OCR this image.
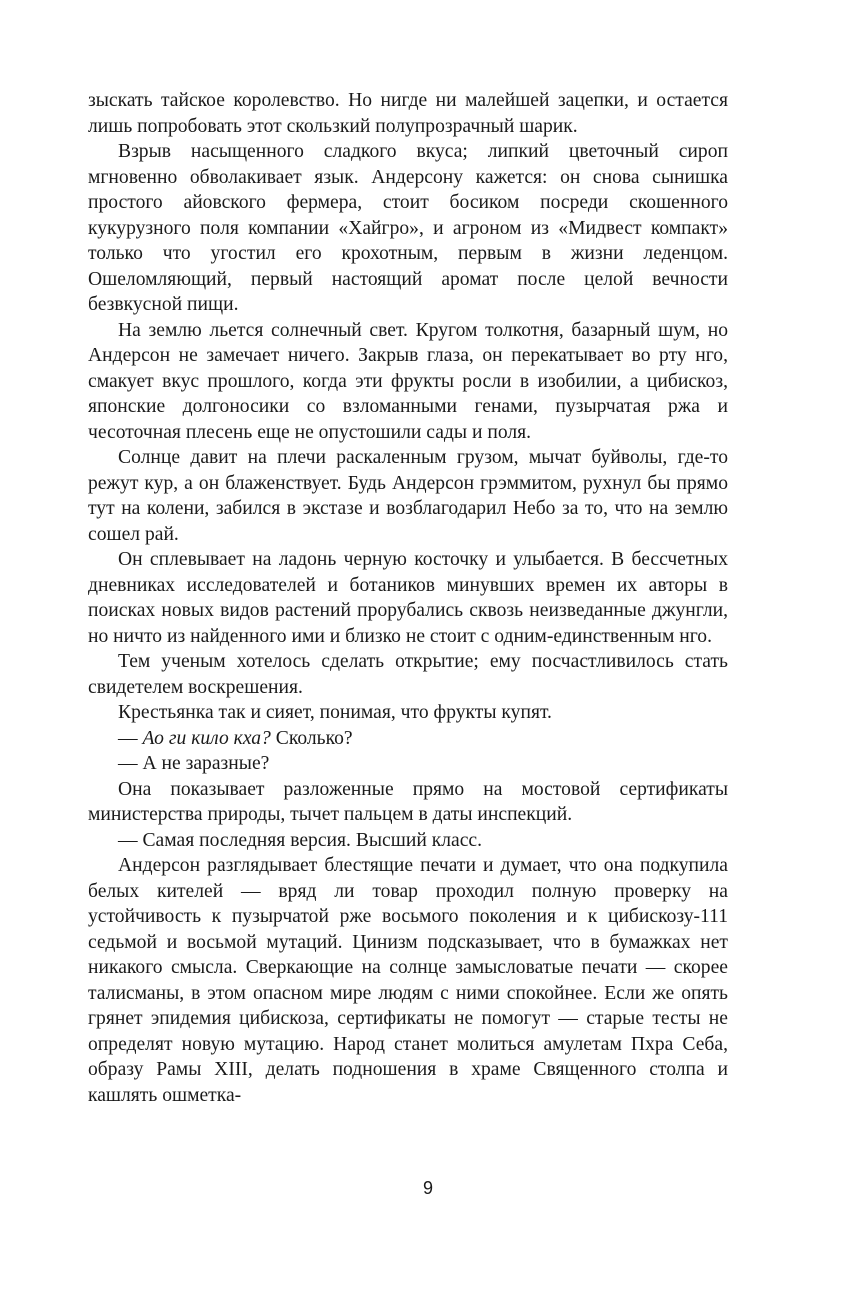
зыскать тайское королевство. Но нигде ни малейшей зацепки, и остается лишь попробовать этот скользкий полупрозрачный шарик.

Взрыв насыщенного сладкого вкуса; липкий цветочный сироп мгновенно обволакивает язык. Андерсону кажется: он снова сынишка простого айовского фермера, стоит босиком посреди скошенного кукурузного поля компании «Хайгро», и агроном из «Мидвест компакт» только что угостил его крохотным, первым в жизни леденцом. Ошеломляющий, первый настоящий аромат после целой вечности безвкусной пищи.

На землю льется солнечный свет. Кругом толкотня, базарный шум, но Андерсон не замечает ничего. Закрыв глаза, он перекатывает во рту нго, смакует вкус прошлого, когда эти фрукты росли в изобилии, а цибискоз, японские долгоносики со взломанными генами, пузырчатая ржа и чесоточная плесень еще не опустошили сады и поля.

Солнце давит на плечи раскаленным грузом, мычат буйволы, где-то режут кур, а он блаженствует. Будь Андерсон грэммитом, рухнул бы прямо тут на колени, забился в экстазе и возблагодарил Небо за то, что на землю сошел рай.

Он сплевывает на ладонь черную косточку и улыбается. В бессчетных дневниках исследователей и ботаников минувших времен их авторы в поисках новых видов растений прорубались сквозь неизведанные джунгли, но ничто из найденного ими и близко не стоит с одним-единственным нго.

Тем ученым хотелось сделать открытие; ему посчастливилось стать свидетелем воскрешения.

Крестьянка так и сияет, понимая, что фрукты купят.

— Ао ги кило кха? Сколько?

— А не заразные?

Она показывает разложенные прямо на мостовой сертификаты министерства природы, тычет пальцем в даты инспекций.

— Самая последняя версия. Высший класс.

Андерсон разглядывает блестящие печати и думает, что она подкупила белых кителей — вряд ли товар проходил полную проверку на устойчивость к пузырчатой рже восьмого поколения и к цибискозу-111 седьмой и восьмой мутаций. Цинизм подсказывает, что в бумажках нет никакого смысла. Сверкающие на солнце замысловатые печати — скорее талисманы, в этом опасном мире людям с ними спокойнее. Если же опять грянет эпидемия цибискоза, сертификаты не помогут — старые тесты не определят новую мутацию. Народ станет молиться амулетам Пхра Себа, образу Рамы XIII, делать подношения в храме Священного столпа и кашлять ошметка-

9
